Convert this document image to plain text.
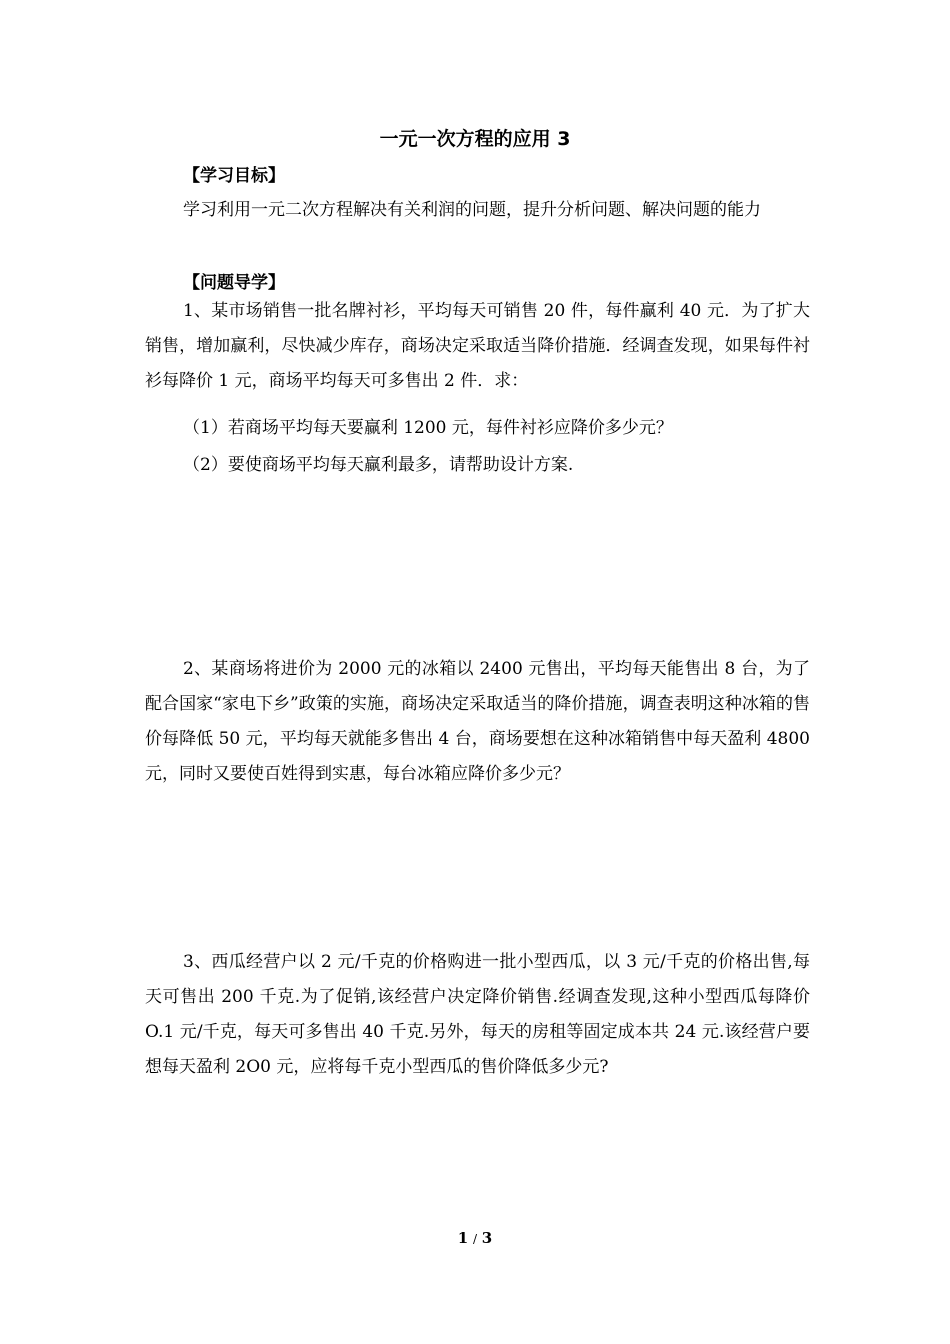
一元一次方程的应用 3
【学习目标】
学习利用一元二次方程解决有关利润的问题，提升分析问题、解决问题的能力
【问题导学】
1、某市场销售一批名牌衬衫，平均每天可销售 20 件，每件赢利 40 元．为了扩大销售，增加赢利，尽快减少库存，商场决定采取适当降价措施．经调查发现，如果每件衬衫每降价 1 元，商场平均每天可多售出 2 件．求：
（1）若商场平均每天要赢利 1200 元，每件衬衫应降价多少元？
（2）要使商场平均每天赢利最多，请帮助设计方案.
2、某商场将进价为 2000 元的冰箱以 2400 元售出，平均每天能售出 8 台，为了配合国家“家电下乡”政策的实施，商场决定采取适当的降价措施，调查表明这种冰箱的售价每降低 50 元，平均每天就能多售出 4 台，商场要想在这种冰箱销售中每天盈利 4800 元，同时又要使百姓得到实惠，每台冰箱应降价多少元？
3、西瓜经营户以 2 元/千克的价格购进一批小型西瓜，以 3 元/千克的价格出售,每天可售出 200 千克.为了促销,该经营户决定降价销售.经调查发现,这种小型西瓜每降价 O.1 元/千克，每天可多售出 40 千克.另外，每天的房租等固定成本共 24 元.该经营户要想每天盈利 2O0 元，应将每千克小型西瓜的售价降低多少元?
1 / 3
